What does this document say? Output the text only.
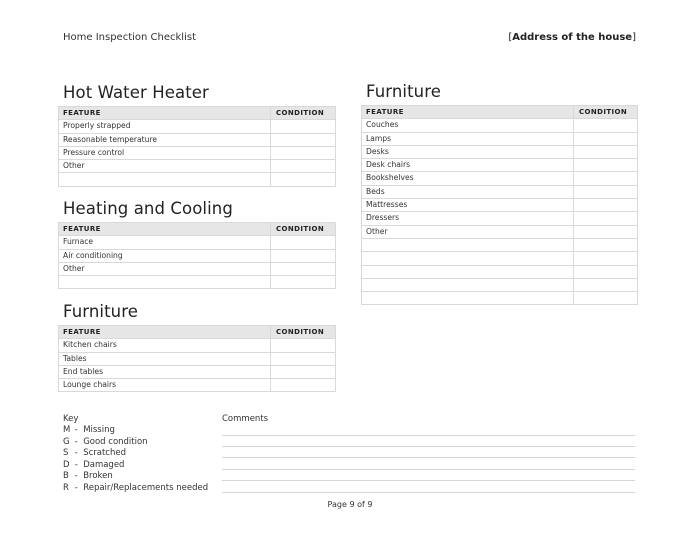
Home Inspection Checklist	[Address of the house]
Hot Water Heater
FEATURE	CONDITION
Properly strapped	
Reasonable temperature	
Pressure control	
Other	

Heating and Cooling
FEATURE	CONDITION
Furnace	
Air conditioning	
Other	

Furniture
FEATURE	CONDITION
Kitchen chairs	
Tables	
End tables	
Lounge chairs	
Furniture
FEATURE	CONDITION
Couches	
Lamps	
Desks	
Desk chairs	
Bookshelves	
Beds	
Mattresses	
Dressers	
Other	

Key
M -  Missing
G -  Good condition
S -  Scratched
D -  Damaged
B -  Broken
R -  Repair/Replacements needed
Comments
Page 9 of 9
